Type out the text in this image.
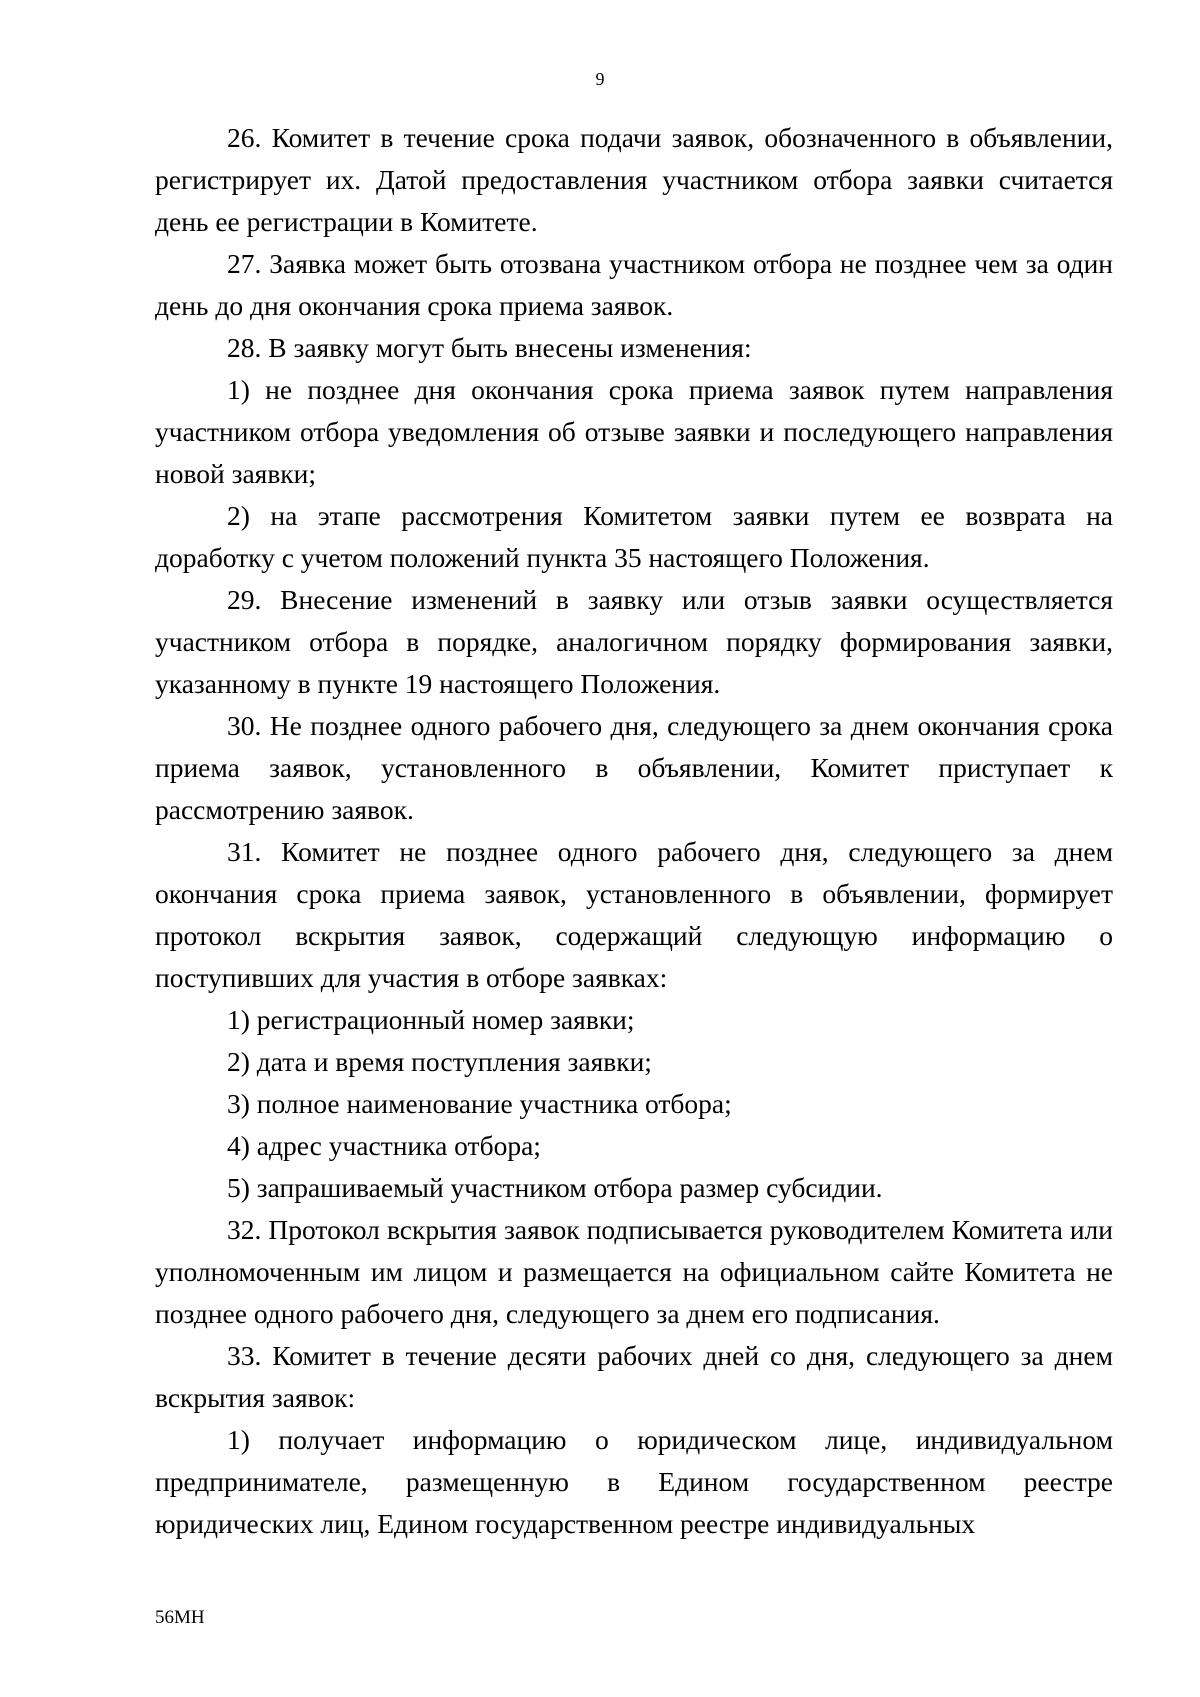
9

26. Комитет в течение срока подачи заявок, обозначенного в объявлении, регистрирует их. Датой предоставления участником отбора заявки считается день ее регистрации в Комитете.

27. Заявка может быть отозвана участником отбора не позднее чем за один день до дня окончания срока приема заявок.

28. В заявку могут быть внесены изменения:

1) не позднее дня окончания срока приема заявок путем направления участником отбора уведомления об отзыве заявки и последующего направления новой заявки;

2) на этапе рассмотрения Комитетом заявки путем ее возврата на доработку с учетом положений пункта 35 настоящего Положения.

29. Внесение изменений в заявку или отзыв заявки осуществляется участником отбора в порядке, аналогичном порядку формирования заявки, указанному в пункте 19 настоящего Положения.

30. Не позднее одного рабочего дня, следующего за днем окончания срока приема заявок, установленного в объявлении, Комитет приступает к рассмотрению заявок.

31. Комитет не позднее одного рабочего дня, следующего за днем окончания срока приема заявок, установленного в объявлении, формирует протокол вскрытия заявок, содержащий следующую информацию о поступивших для участия в отборе заявках:

1) регистрационный номер заявки;

2) дата и время поступления заявки;

3) полное наименование участника отбора;

4) адрес участника отбора;

5) запрашиваемый участником отбора размер субсидии.

32. Протокол вскрытия заявок подписывается руководителем Комитета или уполномоченным им лицом и размещается на официальном сайте Комитета не позднее одного рабочего дня, следующего за днем его подписания.

33. Комитет в течение десяти рабочих дней со дня, следующего за днем вскрытия заявок:

1) получает информацию о юридическом лице, индивидуальном предпринимателе, размещенную в Едином государственном реестре юридических лиц, Едином государственном реестре индивидуальных

56МН
